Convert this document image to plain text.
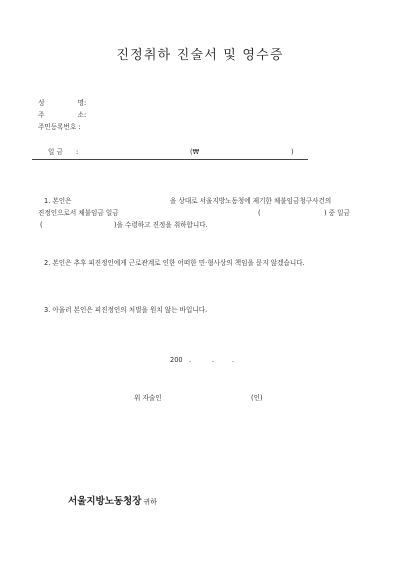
진정취하 진술서 및 영수증
성 명:
주 소:
주민등록번호 :
일 금 :	(₩	)
1. 본인은	을 상대로 서울지방노동청에 제기한 체불임금청구사건의
진정인으로서 체불임금 일금	(	) 중 일금
(	)을 수령하고 진정을 취하합니다.
2. 본인은 추후 피진정인에게 근로관계로 인한 어떠한 민·형사상의 책임을 묻지 않겠습니다.
3. 아울러 본인은 피진정인의 처벌을 원치 않는 바입니다.
200 .	.	.
위 자술인	(인)
서울지방노동청장 귀하
